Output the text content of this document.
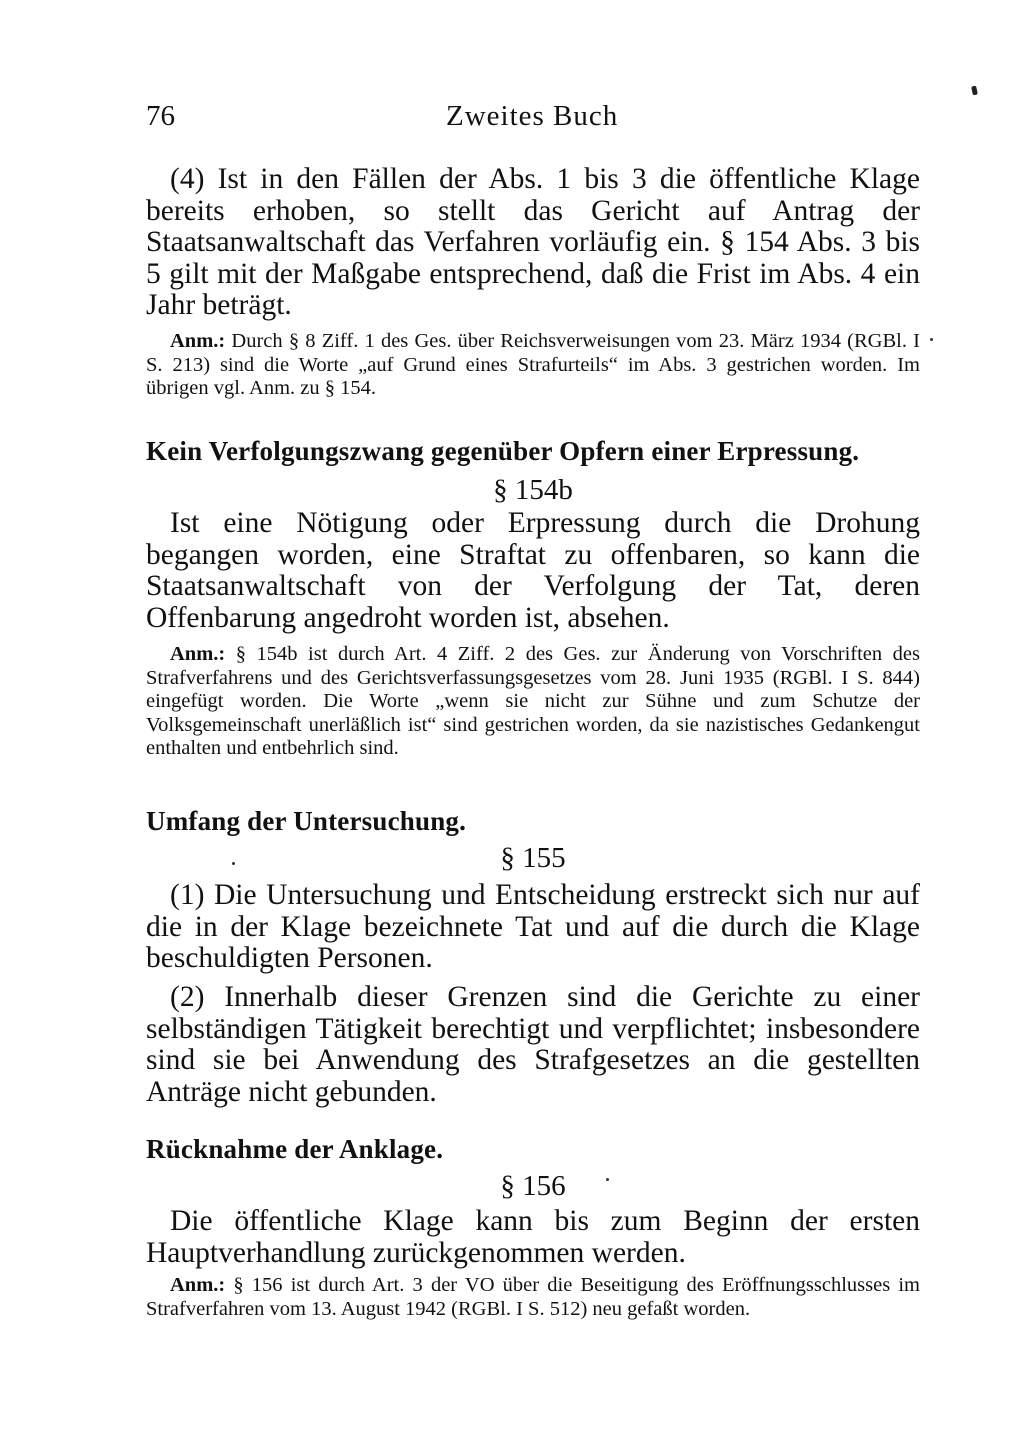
76	Zweites Buch

(4) Ist in den Fällen der Abs. 1 bis 3 die öffentliche Klage bereits erhoben, so stellt das Gericht auf Antrag der Staatsanwaltschaft das Verfahren vorläufig ein. § 154 Abs. 3 bis 5 gilt mit der Maßgabe entsprechend, daß die Frist im Abs. 4 ein Jahr beträgt.

Anm.: Durch § 8 Ziff. 1 des Ges. über Reichsverweisungen vom 23. März 1934 (RGBl. I S. 213) sind die Worte „auf Grund eines Strafurteils“ im Abs. 3 gestrichen worden. Im übrigen vgl. Anm. zu § 154.

Kein Verfolgungszwang gegenüber Opfern einer Erpressung.

§ 154b

Ist eine Nötigung oder Erpressung durch die Drohung begangen worden, eine Straftat zu offenbaren, so kann die Staatsanwaltschaft von der Verfolgung der Tat, deren Offenbarung angedroht worden ist, absehen.

Anm.: § 154b ist durch Art. 4 Ziff. 2 des Ges. zur Änderung von Vorschriften des Strafverfahrens und des Gerichtsverfassungsgesetzes vom 28. Juni 1935 (RGBl. I S. 844) eingefügt worden. Die Worte „wenn sie nicht zur Sühne und zum Schutze der Volksgemeinschaft unerläßlich ist“ sind gestrichen worden, da sie nazistisches Gedankengut enthalten und entbehrlich sind.

Umfang der Untersuchung.

§ 155

(1) Die Untersuchung und Entscheidung erstreckt sich nur auf die in der Klage bezeichnete Tat und auf die durch die Klage beschuldigten Personen.

(2) Innerhalb dieser Grenzen sind die Gerichte zu einer selbständigen Tätigkeit berechtigt und verpflichtet; insbesondere sind sie bei Anwendung des Strafgesetzes an die gestellten Anträge nicht gebunden.

Rücknahme der Anklage.

§ 156

Die öffentliche Klage kann bis zum Beginn der ersten Hauptverhandlung zurückgenommen werden.

Anm.: § 156 ist durch Art. 3 der VO über die Beseitigung des Eröffnungsschlusses im Strafverfahren vom 13. August 1942 (RGBl. I S. 512) neu gefaßt worden.
